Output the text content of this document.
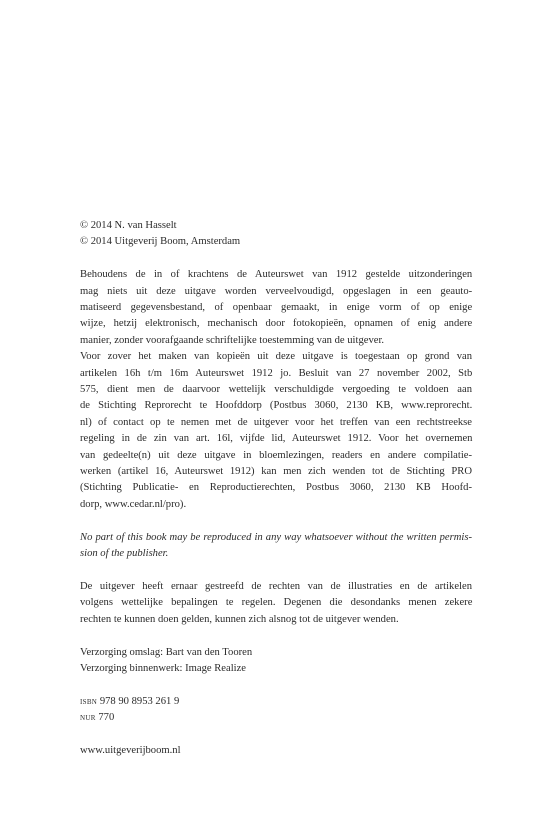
© 2014 N. van Hasselt
© 2014 Uitgeverij Boom, Amsterdam
Behoudens de in of krachtens de Auteurswet van 1912 gestelde uitzonderingen
mag niets uit deze uitgave worden verveelvoudigd, opgeslagen in een geauto-
matiseerd gegevensbestand, of openbaar gemaakt, in enige vorm of op enige
wijze, hetzij elektronisch, mechanisch door fotokopieën, opnamen of enig andere
manier, zonder voorafgaande schriftelijke toestemming van de uitgever.
Voor zover het maken van kopieën uit deze uitgave is toegestaan op grond van
artikelen 16h t/m 16m Auteurswet 1912 jo. Besluit van 27 november 2002, Stb
575, dient men de daarvoor wettelijk verschuldigde vergoeding te voldoen aan
de Stichting Reprorecht te Hoofddorp (Postbus 3060, 2130 KB, www.reprorecht.
nl) of contact op te nemen met de uitgever voor het treffen van een rechtstreekse
regeling in de zin van art. 16l, vijfde lid, Auteurswet 1912. Voor het overnemen
van gedeelte(n) uit deze uitgave in bloemlezingen, readers en andere compilatie-
werken (artikel 16, Auteurswet 1912) kan men zich wenden tot de Stichting PRO
(Stichting Publicatie- en Reproductierechten, Postbus 3060, 2130 KB Hoofd-
dorp, www.cedar.nl/pro).
No part of this book may be reproduced in any way whatsoever without the written permis-
sion of the publisher.
De uitgever heeft ernaar gestreefd de rechten van de illustraties en de artikelen
volgens wettelijke bepalingen te regelen. Degenen die desondanks menen zekere
rechten te kunnen doen gelden, kunnen zich alsnog tot de uitgever wenden.
Verzorging omslag: Bart van den Tooren
Verzorging binnenwerk: Image Realize
isbn 978 90 8953 261 9
nur 770
www.uitgeverijboom.nl
